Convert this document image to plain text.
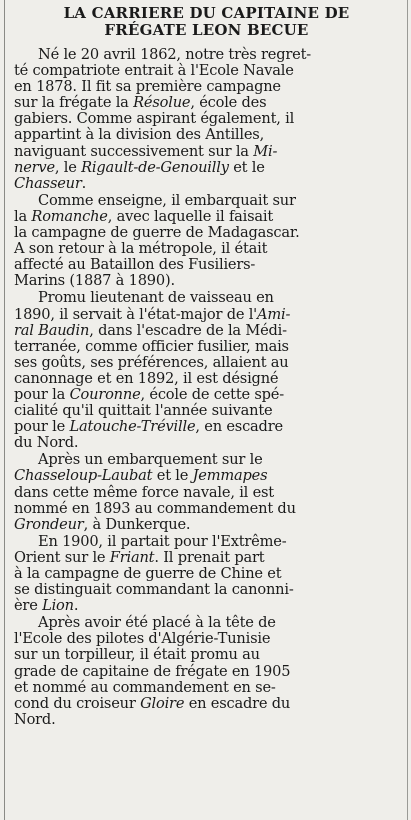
LA CARRIERE DU CAPITAINE DE
FRÉGATE LEON BECUE

Né le 20 avril 1862, notre très regret-
té compatriote entrait à l'Ecole Navale
en 1878. Il fit sa première campagne
sur la frégate la Résolue, école des
gabiers. Comme aspirant également, il
appartint à la division des Antilles,
naviguant successivement sur la Mi-
nerve, le Rigault-de-Genouilly et le
Chasseur.

Comme enseigne, il embarquait sur
la Romanche, avec laquelle il faisait
la campagne de guerre de Madagascar.
A son retour à la métropole, il était
affecté au Bataillon des Fusiliers-
Marins (1887 à 1890).

Promu lieutenant de vaisseau en
1890, il servait à l'état-major de l'Ami-
ral Baudin, dans l'escadre de la Médi-
terranée, comme officier fusilier, mais
ses goûts, ses préférences, allaient au
canonnage et en 1892, il est désigné
pour la Couronne, école de cette spé-
cialité qu'il quittait l'année suivante
pour le Latouche-Tréville, en escadre
du Nord.

Après un embarquement sur le
Chasseloup-Laubat et le Jemmapes
dans cette même force navale, il est
nommé en 1893 au commandement du
Grondeur, à Dunkerque.

En 1900, il partait pour l'Extrême-
Orient sur le Friant. Il prenait part
à la campagne de guerre de Chine et
se distinguait commandant la canonni-
ère Lion.

Après avoir été placé à la tête de
l'Ecole des pilotes d'Algérie-Tunisie
sur un torpilleur, il était promu au
grade de capitaine de frégate en 1905
et nommé au commandement en se-
cond du croiseur Gloire en escadre du
Nord.
